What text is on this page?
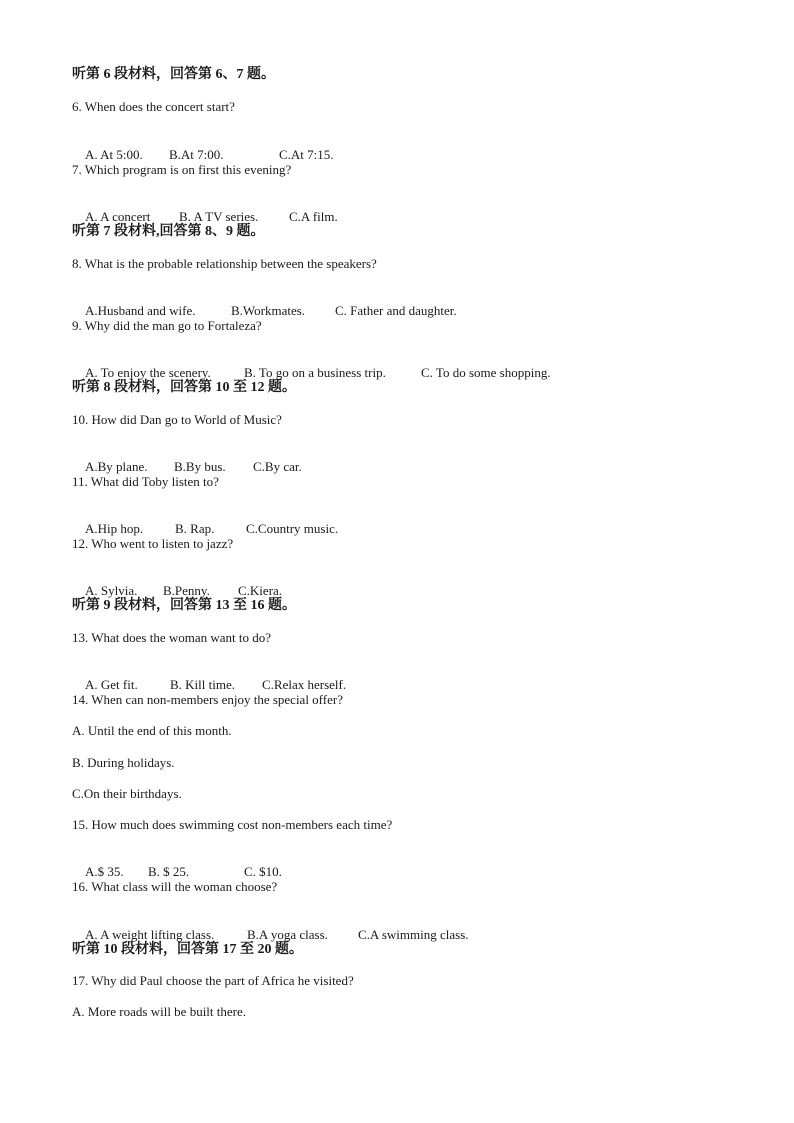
听第 6 段材料，回答第 6、7 题。
6. When does the concert start?

A. At 5:00. B.At 7:00.	C.At 7:15.

7. Which program is on first this evening?

A. A concert B. A TV series. C.A film.

听第 7 段材料,回答第 8、9 题。
8. What is the probable relationship between the speakers?

A.Husband and wife.	B.Workmates. C. Father and daughter.

9. Why did the man go to Fortaleza?

A. To enjoy the scenery.	B. To go on a business trip.	C. To do some shopping.

听第 8 段材料，回答第 10 至 12 题。
10. How did Dan go to World of Music?

A.By plane. B.By bus. C.By car.

11. What did Toby listen to?

A.Hip hop. B. Rap. C.Country music.

12. Who went to listen to jazz?

A. Sylvia. B.Penny. C.Kiera.

听第 9 段材料，回答第 13 至 16 题。
13. What does the woman want to do?

A. Get fit. B. Kill time. C.Relax herself.

14. When can non-members enjoy the special offer?
A. Until the end of this month.
B. During holidays.
C.On their birthdays.
15. How much does swimming cost non-members each time?

A.$ 35. B. $ 25.	C. $10.

16. What class will the woman choose?

A. A weight lifting class.	B.A yoga class. C.A swimming class.

听第 10 段材料，回答第 17 至 20 题。
17. Why did Paul choose the part of Africa he visited?
A. More roads will be built there.
